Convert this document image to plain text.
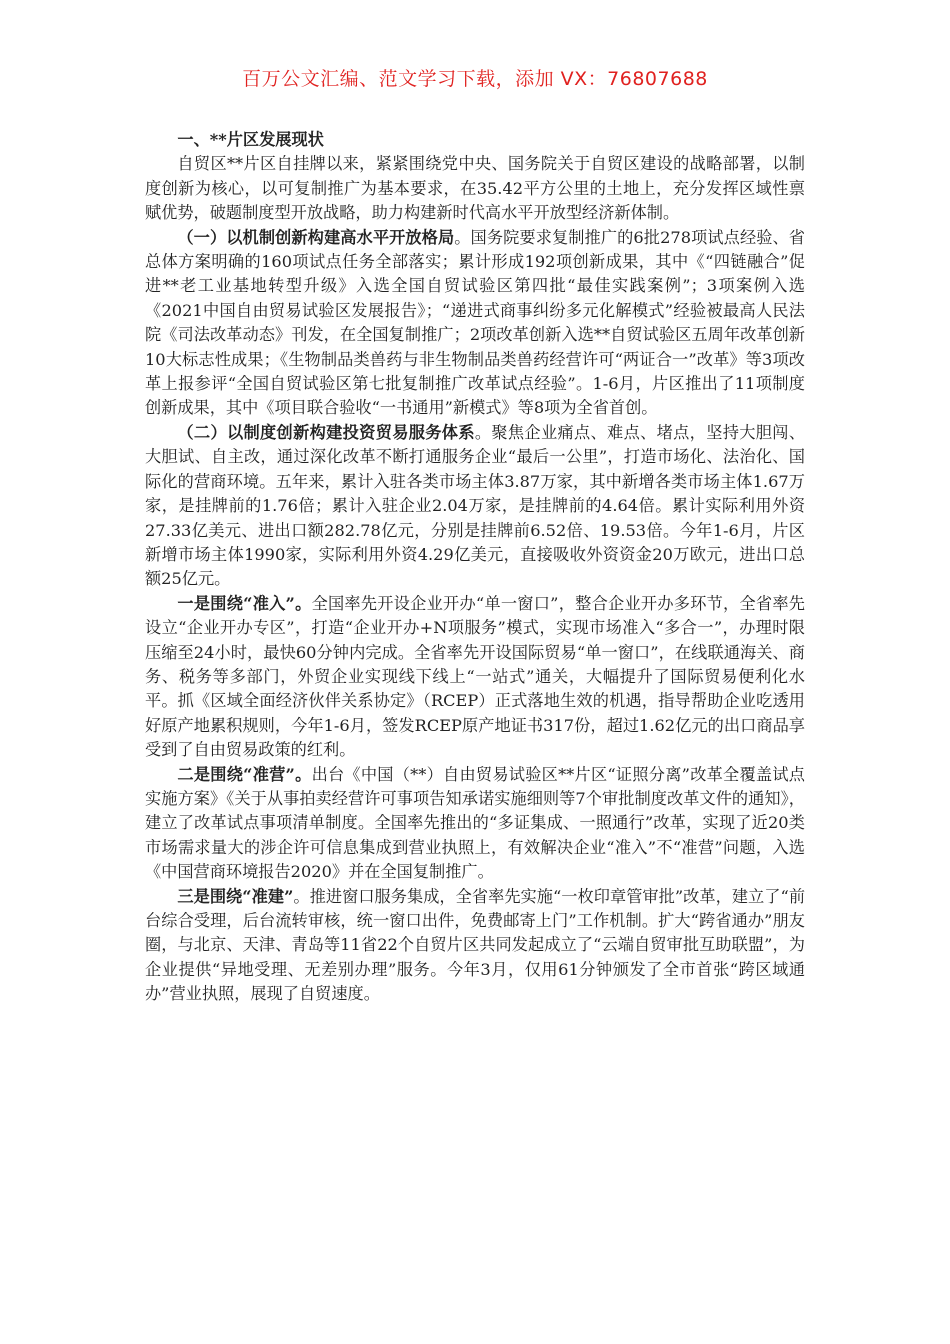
百万公文汇编、范文学习下载，添加 VX：76807688
一、**片区发展现状

自贸区**片区自挂牌以来，紧紧围绕党中央、国务院关于自贸区建设的战略部署，以制度创新为核心，以可复制推广为基本要求，在35.42平方公里的土地上，充分发挥区域性禀赋优势，破题制度型开放战略，助力构建新时代高水平开放型经济新体制。

（一）以机制创新构建高水平开放格局。国务院要求复制推广的6批278项试点经验、省总体方案明确的160项试点任务全部落实；累计形成192项创新成果，其中《“四链融合”促进**老工业基地转型升级》入选全国自贸试验区第四批“最佳实践案例”；3项案例入选《2021中国自由贸易试验区发展报告》；“递进式商事纠纷多元化解模式”经验被最高人民法院《司法改革动态》刊发，在全国复制推广；2项改革创新入选**自贸试验区五周年改革创新10大标志性成果；《生物制品类兽药与非生物制品类兽药经营许可“两证合一”改革》等3项改革上报参评“全国自贸试验区第七批复制推广改革试点经验”。1-6月，片区推出了11项制度创新成果，其中《项目联合验收“一书通用”新模式》等8项为全省首创。

（二）以制度创新构建投资贸易服务体系。聚焦企业痛点、难点、堵点，坚持大胆闯、大胆试、自主改，通过深化改革不断打通服务企业“最后一公里”，打造市场化、法治化、国际化的营商环境。五年来，累计入驻各类市场主体3.87万家，其中新增各类市场主体1.67万家，是挂牌前的1.76倍；累计入驻企业2.04万家，是挂牌前的4.64倍。累计实际利用外资27.33亿美元、进出口额282.78亿元，分别是挂牌前6.52倍、19.53倍。今年1-6月，片区新增市场主体1990家，实际利用外资4.29亿美元，直接吸收外资资金20万欧元，进出口总额25亿元。

一是围绕“准入”。全国率先开设企业开办“单一窗口”，整合企业开办多环节，全省率先设立“企业开办专区”，打造“企业开办+N项服务”模式，实现市场准入“多合一”，办理时限压缩至24小时，最快60分钟内完成。全省率先开设国际贸易“单一窗口”，在线联通海关、商务、税务等多部门，外贸企业实现线下线上“一站式”通关，大幅提升了国际贸易便利化水平。抓《区域全面经济伙伴关系协定》（RCEP）正式落地生效的机遇，指导帮助企业吃透用好原产地累积规则，今年1-6月，签发RCEP原产地证书317份，超过1.62亿元的出口商品享受到了自由贸易政策的红利。

二是围绕“准营”。出台《中国（**）自由贸易试验区**片区“证照分离”改革全覆盖试点实施方案》《关于从事拍卖经营许可事项告知承诺实施细则等7个审批制度改革文件的通知》，建立了改革试点事项清单制度。全国率先推出的“多证集成、一照通行”改革，实现了近20类市场需求量大的涉企许可信息集成到营业执照上，有效解决企业“准入”不“准营”问题，入选《中国营商环境报告2020》并在全国复制推广。

三是围绕“准建”。推进窗口服务集成，全省率先实施“一枚印章管审批”改革，建立了“前台综合受理，后台流转审核，统一窗口出件，免费邮寄上门”工作机制。扩大“跨省通办”朋友圈，与北京、天津、青岛等11省22个自贸片区共同发起成立了“云端自贸审批互助联盟”，为企业提供“异地受理、无差别办理”服务。今年3月，仅用61分钟颁发了全市首张“跨区域通办”营业执照，展现了自贸速度。
